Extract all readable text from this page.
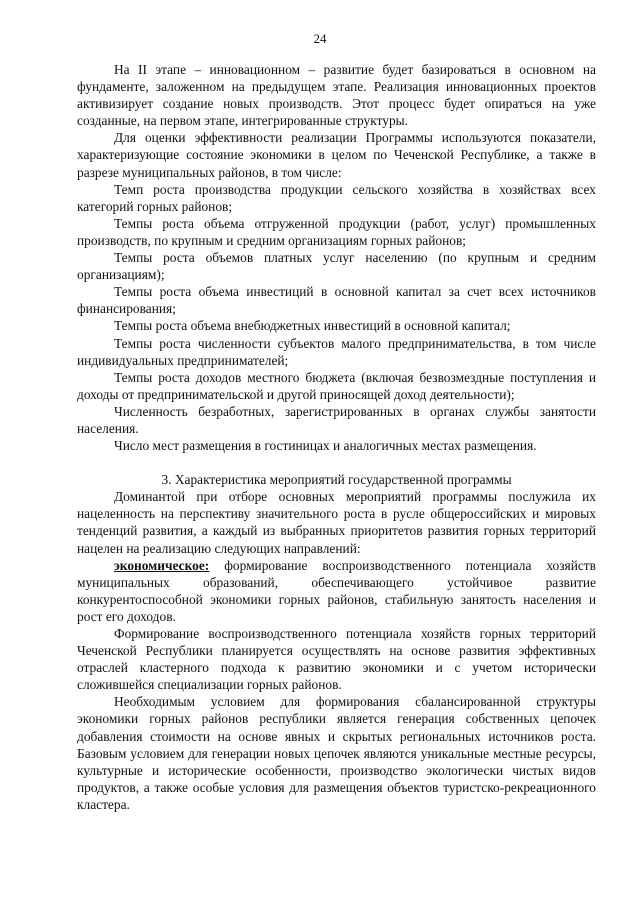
24

На II этапе – инновационном – развитие будет базироваться в основном на фундаменте, заложенном на предыдущем этапе. Реализация инновационных проектов активизирует создание новых производств. Этот процесс будет опираться на уже созданные, на первом этапе, интегрированные структуры.

Для оценки эффективности реализации Программы используются показатели, характеризующие состояние экономики в целом по Чеченской Республике, а также в разрезе муниципальных районов, в том числе:

Темп роста производства продукции сельского хозяйства в хозяйствах всех категорий горных районов;

Темпы роста объема отгруженной продукции (работ, услуг) промышленных производств, по крупным и средним организациям горных районов;

Темпы роста объемов платных услуг населению (по крупным и средним организациям);

Темпы роста объема инвестиций в основной капитал за счет всех источников финансирования;

Темпы роста объема внебюджетных инвестиций в основной капитал;

Темпы роста численности субъектов малого предпринимательства, в том числе индивидуальных предпринимателей;

Темпы роста доходов местного бюджета (включая безвозмездные поступления и доходы от предпринимательской и другой приносящей доход деятельности);

Численность безработных, зарегистрированных в органах службы занятости населения.

Число мест размещения в гостиницах и аналогичных местах размещения.

3. Характеристика мероприятий государственной программы

Доминантой при отборе основных мероприятий программы послужила их нацеленность на перспективу значительного роста в русле общероссийских и мировых тенденций развития, а каждый из выбранных приоритетов развития горных территорий нацелен на реализацию следующих направлений:

экономическое: формирование воспроизводственного потенциала хозяйств муниципальных образований, обеспечивающего устойчивое развитие конкурентоспособной экономики горных районов, стабильную занятость населения и рост его доходов.

Формирование воспроизводственного потенциала хозяйств горных территорий Чеченской Республики планируется осуществлять на основе развития эффективных отраслей кластерного подхода к развитию экономики и с учетом исторически сложившейся специализации горных районов.

Необходимым условием для формирования сбалансированной структуры экономики горных районов республики является генерация собственных цепочек добавления стоимости на основе явных и скрытых региональных источников роста. Базовым условием для генерации новых цепочек являются уникальные местные ресурсы, культурные и исторические особенности, производство экологически чистых видов продуктов, а также особые условия для размещения объектов туристско-рекреационного кластера.
